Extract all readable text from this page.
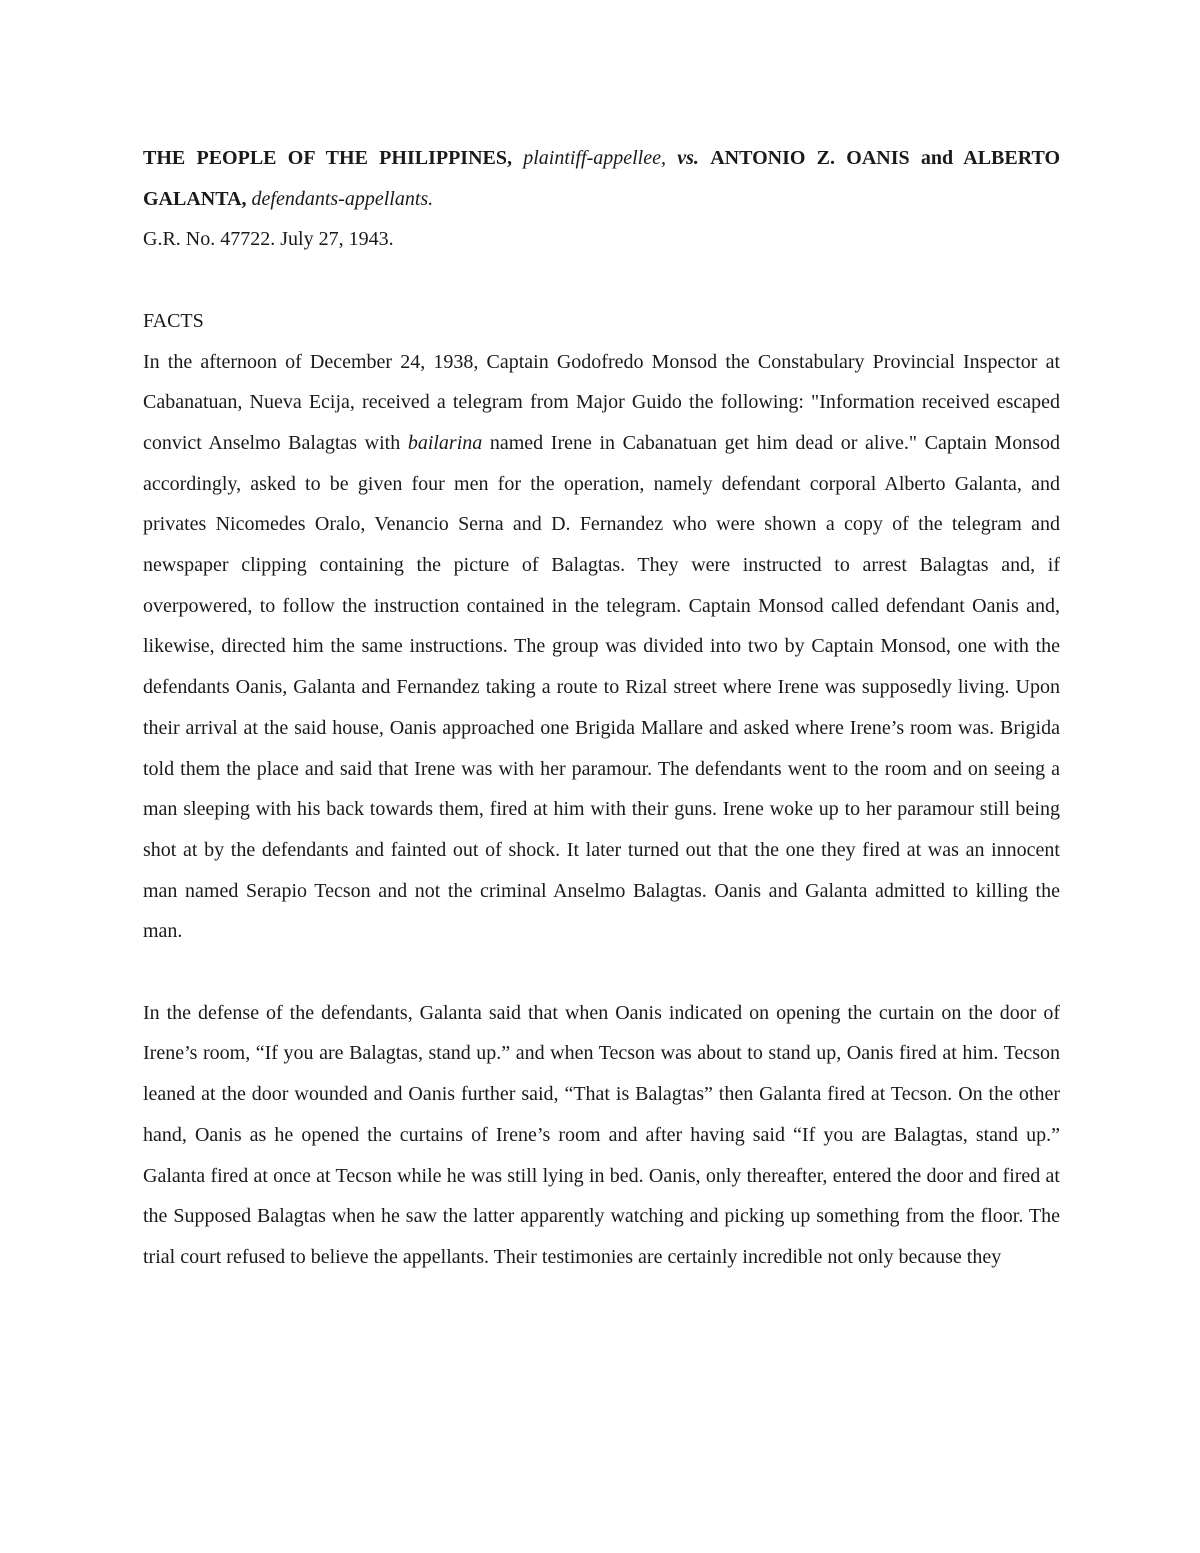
THE PEOPLE OF THE PHILIPPINES, plaintiff-appellee, vs. ANTONIO Z. OANIS and ALBERTO GALANTA, defendants-appellants.

G.R. No. 47722. July 27, 1943.

FACTS

In the afternoon of December 24, 1938, Captain Godofredo Monsod the Constabulary Provincial Inspector at Cabanatuan, Nueva Ecija, received a telegram from Major Guido the following: "Information received escaped convict Anselmo Balagtas with bailarina named Irene in Cabanatuan get him dead or alive." Captain Monsod accordingly, asked to be given four men for the operation, namely defendant corporal Alberto Galanta, and privates Nicomedes Oralo, Venancio Serna and D. Fernandez who were shown a copy of the telegram and newspaper clipping containing the picture of Balagtas. They were instructed to arrest Balagtas and, if overpowered, to follow the instruction contained in the telegram. Captain Monsod called defendant Oanis and, likewise, directed him the same instructions. The group was divided into two by Captain Monsod, one with the defendants Oanis, Galanta and Fernandez taking a route to Rizal street where Irene was supposedly living. Upon their arrival at the said house, Oanis approached one Brigida Mallare and asked where Irene’s room was. Brigida told them the place and said that Irene was with her paramour. The defendants went to the room and on seeing a man sleeping with his back towards them, fired at him with their guns. Irene woke up to her paramour still being shot at by the defendants and fainted out of shock. It later turned out that the one they fired at was an innocent man named Serapio Tecson and not the criminal Anselmo Balagtas. Oanis and Galanta admitted to killing the man.

In the defense of the defendants, Galanta said that when Oanis indicated on opening the curtain on the door of Irene’s room, “If you are Balagtas, stand up.” and when Tecson was about to stand up, Oanis fired at him. Tecson leaned at the door wounded and Oanis further said, “That is Balagtas” then Galanta fired at Tecson. On the other hand, Oanis as he opened the curtains of Irene’s room and after having said “If you are Balagtas, stand up.” Galanta fired at once at Tecson while he was still lying in bed. Oanis, only thereafter, entered the door and fired at the Supposed Balagtas when he saw the latter apparently watching and picking up something from the floor. The trial court refused to believe the appellants. Their testimonies are certainly incredible not only because they
